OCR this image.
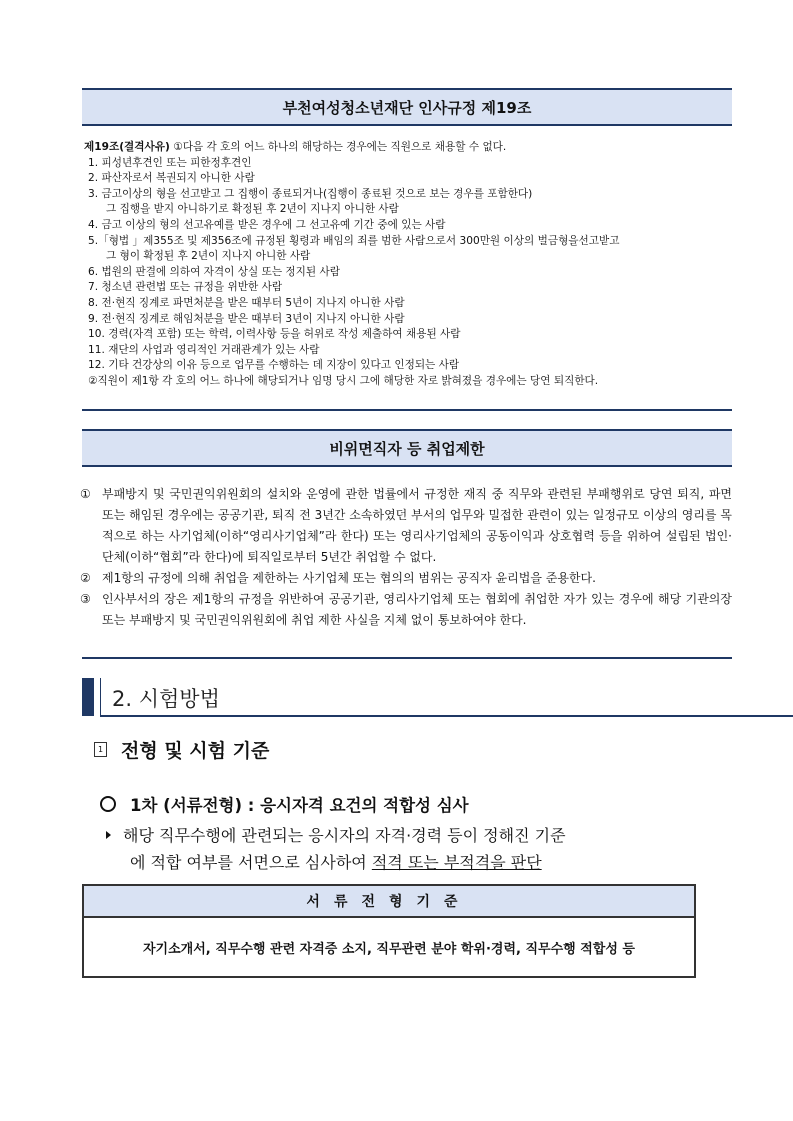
부천여성청소년재단 인사규정 제19조
제19조(결격사유) ①다음 각 호의 어느 하나의 해당하는 경우에는 직원으로 채용할 수 없다.
1. 피성년후견인 또는 피한정후견인
2. 파산자로서 복권되지 아니한 사람
3. 금고이상의 형을 선고받고 그 집행이 종료되거나(집행이 종료된 것으로 보는 경우를 포함한다)
그 집행을 받지 아니하기로 확정된 후 2년이 지나지 아니한 사람
4. 금고 이상의 형의 선고유예를 받은 경우에 그 선고유예 기간 중에 있는 사람
5.「형법 」제355조 및 제356조에 규정된 횡령과 배임의 죄를 범한 사람으로서 300만원 이상의 벌금형을선고받고
그 형이 확정된 후 2년이 지나지 아니한 사람
6. 법원의 판결에 의하여 자격이 상실 또는 정지된 사람
7. 청소년 관련법 또는 규정을 위반한 사람
8. 전·현직 징계로 파면처분을 받은 때부터 5년이 지나지 아니한 사람
9. 전·현직 징계로 해임처분을 받은 때부터 3년이 지나지 아니한 사람
10. 경력(자격 포함) 또는 학력, 이력사항 등을 허위로 작성 제출하여 채용된 사람
11. 재단의 사업과 영리적인 거래관계가 있는 사람
12. 기타 건강상의 이유 등으로 업무를 수행하는 데 지장이 있다고 인정되는 사람
②직원이 제1항 각 호의 어느 하나에 해당되거나 임명 당시 그에 해당한 자로 밝혀졌을 경우에는 당연 퇴직한다.
비위면직자 등 취업제한
① 부패방지 및 국민권익위원회의 설치와 운영에 관한 법률에서 규정한 재직 중 직무와 관련된 부패행위로 당연 퇴직, 파면 또는 해임된 경우에는 공공기관, 퇴직 전 3년간 소속하였던 부서의 업무와 밀접한 관련이 있는 일정규모 이상의 영리를 목적으로 하는 사기업체(이하“영리사기업체”라 한다) 또는 영리사기업체의 공동이익과 상호협력 등을 위하여 설립된 법인·단체(이하“협회”라 한다)에 퇴직일로부터 5년간 취업할 수 없다.
② 제1항의 규정에 의해 취업을 제한하는 사기업체 또는 협의의 범위는 공직자 윤리법을 준용한다.
③ 인사부서의 장은 제1항의 규정을 위반하여 공공기관, 영리사기업체 또는 협회에 취업한 자가 있는 경우에 해당 기관의장 또는 부패방지 및 국민권익위원회에 취업 제한 사실을 지체 없이 통보하여야 한다.
2. 시험방법
1 전형 및 시험 기준
1차 (서류전형) : 응시자격 요건의 적합성 심사
해당 직무수행에 관련되는 응시자의 자격·경력 등이 정해진 기준
에 적합 여부를 서면으로 심사하여 적격 또는 부적격을 판단
서류전형기준
자기소개서, 직무수행 관련 자격증 소지, 직무관련 분야 학위·경력, 직무수행 적합성 등
